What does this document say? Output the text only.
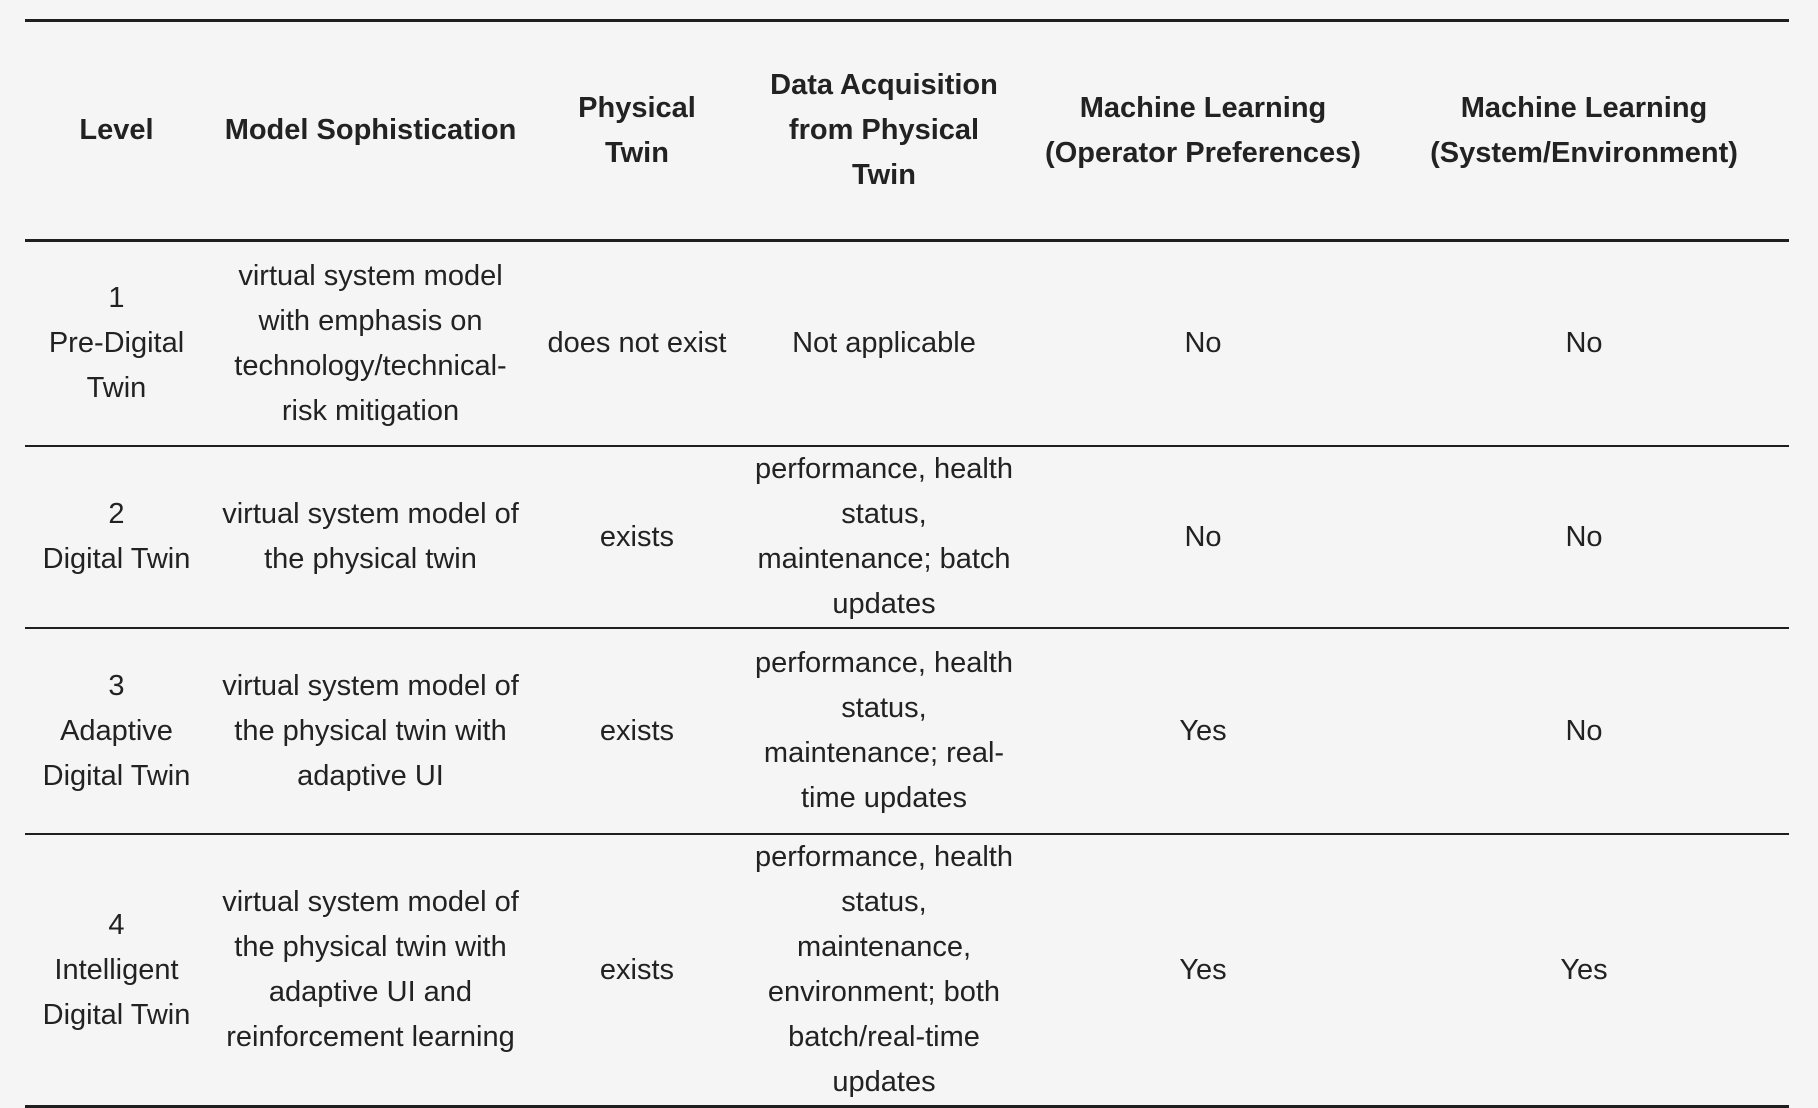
Level	Model Sophistication	Physical Twin	Data Acquisition from Physical Twin	Machine Learning (Operator Preferences)	Machine Learning (System/Environment)

1
Pre-Digital Twin	virtual system model with emphasis on technology/technical-risk mitigation	does not exist	Not applicable	No	No

2
Digital Twin	virtual system model of the physical twin	exists	performance, health status, maintenance; batch updates	No	No

3
Adaptive Digital Twin	virtual system model of the physical twin with adaptive UI	exists	performance, health status, maintenance; real-time updates	Yes	No

4
Intelligent Digital Twin	virtual system model of the physical twin with adaptive UI and reinforcement learning	exists	performance, health status, maintenance, environment; both batch/real-time updates	Yes	Yes
